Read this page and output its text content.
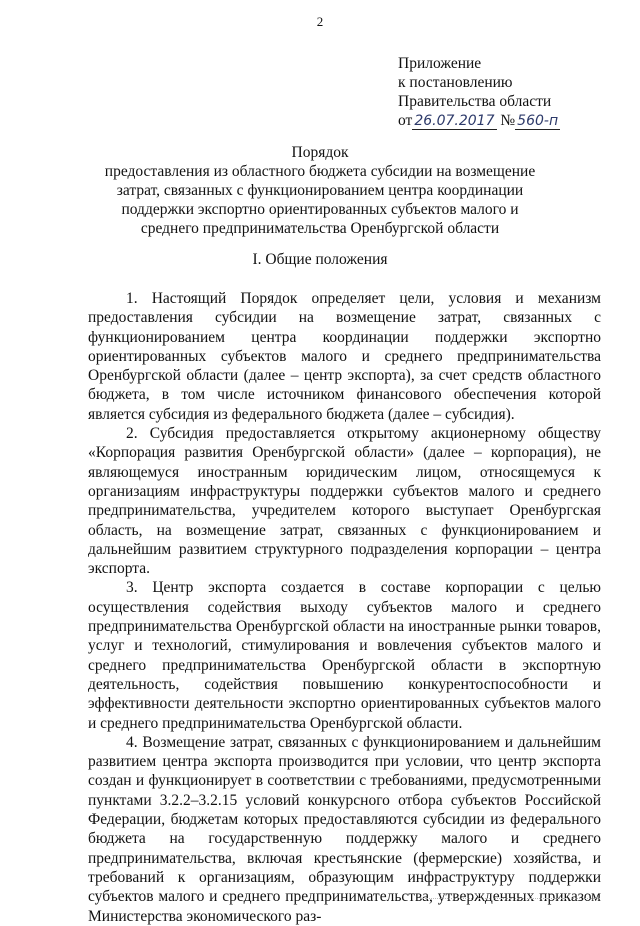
2
Приложение
к постановлению
Правительства области
от 26.07.2017 № 560-п
Порядок
предоставления из областного бюджета субсидии на возмещение затрат, связанных с функционированием центра координации поддержки экспортно ориентированных субъектов малого и среднего предпринимательства Оренбургской области
I. Общие положения

1. Настоящий Порядок определяет цели, условия и механизм предоставления субсидии на возмещение затрат, связанных с функционированием центра координации поддержки экспортно ориентированных субъектов малого и среднего предпринимательства Оренбургской области (далее – центр экспорта), за счет средств областного бюджета, в том числе источником финансового обеспечения которой является субсидия из федерального бюджета (далее – субсидия).

2. Субсидия предоставляется открытому акционерному обществу «Корпорация развития Оренбургской области» (далее – корпорация), не являющемуся иностранным юридическим лицом, относящемуся к организациям инфраструктуры поддержки субъектов малого и среднего предпринимательства, учредителем которого выступает Оренбургская область, на возмещение затрат, связанных с функционированием и дальнейшим развитием структурного подразделения корпорации – центра экспорта.

3. Центр экспорта создается в составе корпорации с целью осуществления содействия выходу субъектов малого и среднего предпринимательства Оренбургской области на иностранные рынки товаров, услуг и технологий, стимулирования и вовлечения субъектов малого и среднего предпринимательства Оренбургской области в экспортную деятельность, содействия повышению конкурентоспособности и эффективности деятельности экспортно ориентированных субъектов малого и среднего предпринимательства Оренбургской области.

4. Возмещение затрат, связанных с функционированием и дальнейшим развитием центра экспорта производится при условии, что центр экспорта создан и функционирует в соответствии с требованиями, предусмотренными пунктами 3.2.2–3.2.15 условий конкурсного отбора субъектов Российской Федерации, бюджетам которых предоставляются субсидии из федерального бюджета на государственную поддержку малого и среднего предпринимательства, включая крестьянские (фермерские) хозяйства, и требований к организациям, образующим инфраструктуру поддержки субъектов малого и среднего предпринимательства, утвержденных приказом Министерства экономического раз-
